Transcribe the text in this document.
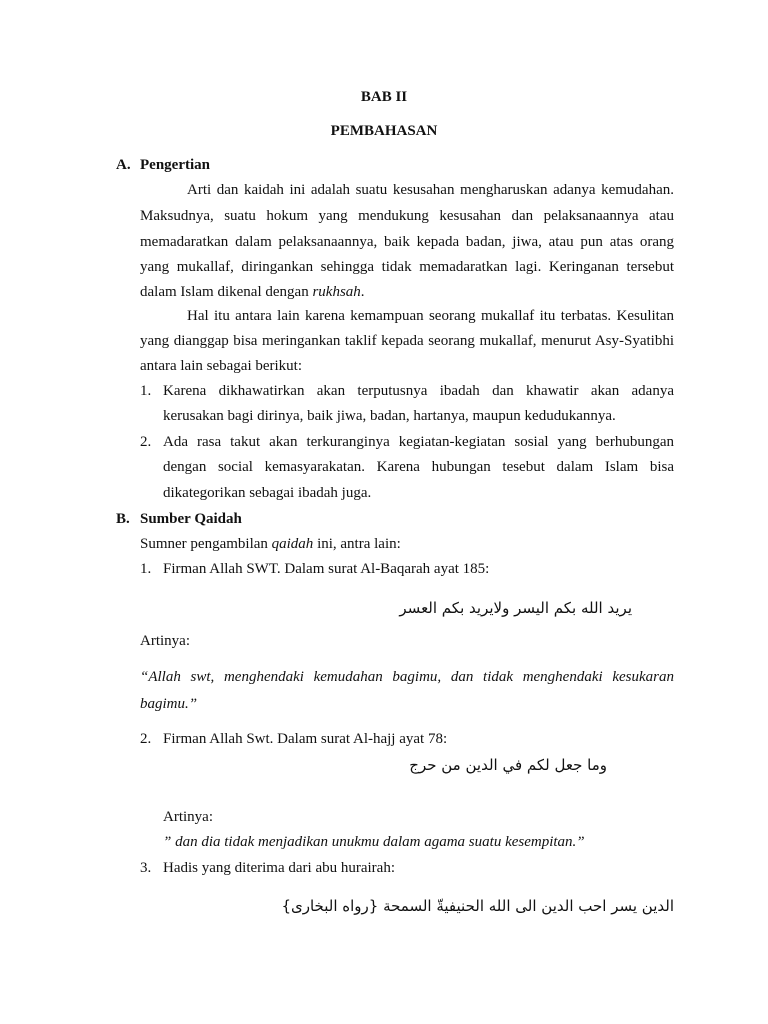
BAB II
PEMBAHASAN
A. Pengertian
Arti dan kaidah ini adalah suatu kesusahan mengharuskan adanya kemudahan.
Maksudnya, suatu hokum yang mendukung kesusahan dan pelaksanaannya atau
memadaratkan dalam pelaksanaannya, baik kepada badan, jiwa, atau pun atas orang
yang mukallaf, diringankan sehingga tidak memadaratkan lagi. Keringanan tersebut
dalam Islam dikenal dengan rukhsah.
Hal itu antara lain karena kemampuan seorang mukallaf itu terbatas. Kesulitan
yang dianggap bisa meringankan taklif kepada seorang mukallaf, menurut Asy-Syatibhi
antara lain sebagai berikut:
1. Karena dikhawatirkan akan terputusnya ibadah dan khawatir akan adanya
kerusakan bagi dirinya, baik jiwa, badan, hartanya, maupun kedudukannya.
2. Ada rasa takut akan terkuranginya kegiatan-kegiatan sosial yang berhubungan
dengan social kemasyarakatan. Karena hubungan tesebut dalam Islam bisa
dikategorikan sebagai ibadah juga.
B. Sumber Qaidah
Sumner pengambilan qaidah ini, antra lain:
1. Firman Allah SWT. Dalam surat Al-Baqarah ayat 185:
يريد الله بكم اليسر ولايريد بكم العسر
Artinya:
“Allah swt, menghendaki kemudahan bagimu, dan tidak menghendaki kesukaran
bagimu.”
2. Firman Allah Swt. Dalam surat Al-hajj ayat 78:
وما جعل لكم في الدين من حرج
Artinya:
” dan dia tidak menjadikan unukmu dalam agama suatu kesempitan.”
3. Hadis yang diterima dari abu hurairah:
الدين يسر احب الدين الى الله الحنيفيةّ السمحة {رواه البخارى}
